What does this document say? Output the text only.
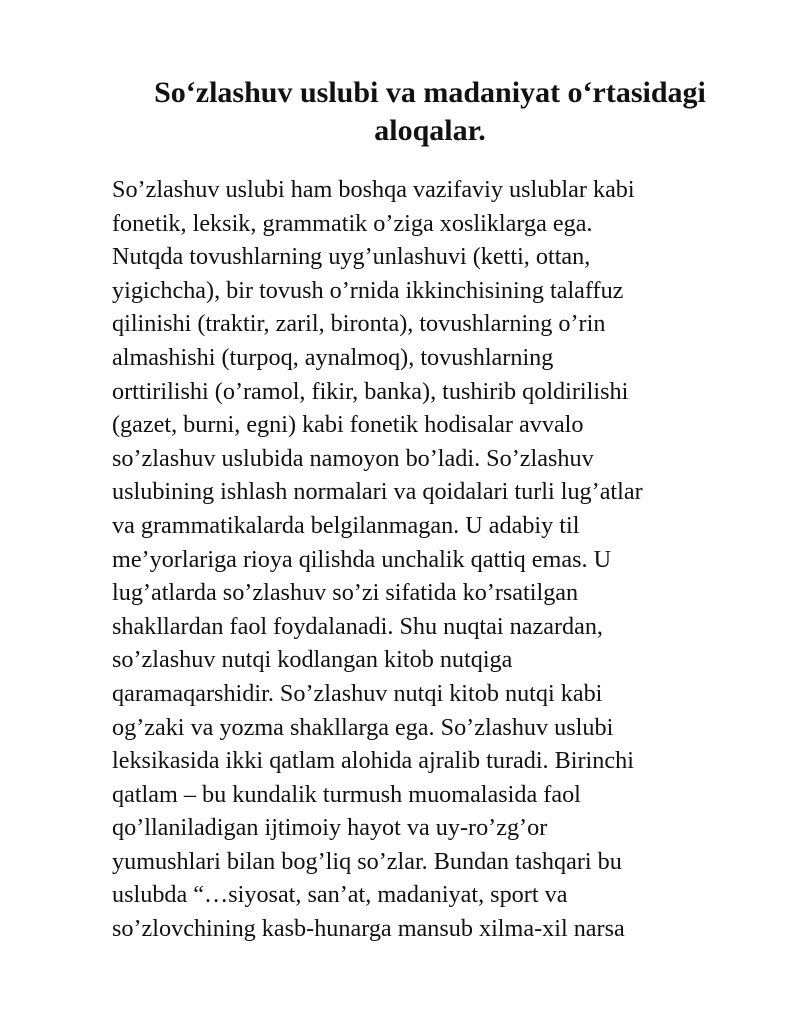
So‘zlashuv uslubi va madaniyat o‘rtasidagi
aloqalar.
So’zlashuv uslubi ham boshqa vazifaviy uslublar kabi
fonetik, leksik, grammatik o’ziga xosliklarga ega.
Nutqda tovushlarning uyg’unlashuvi (ketti, ottan,
yigichcha), bir tovush o’rnida ikkinchisining talaffuz
qilinishi (traktir, zaril, bironta), tovushlarning o’rin
almashishi (turpoq, aynalmoq), tovushlarning
orttirilishi (o’ramol, fikir, banka), tushirib qoldirilishi
(gazet, burni, egni) kabi fonetik hodisalar avvalo
so’zlashuv uslubida namoyon bo’ladi. So’zlashuv
uslubining ishlash normalari va qoidalari turli lug’atlar
va grammatikalarda belgilanmagan. U adabiy til
me’yorlariga rioya qilishda unchalik qattiq emas. U
lug’atlarda so’zlashuv so’zi sifatida ko’rsatilgan
shakllardan faol foydalanadi. Shu nuqtai nazardan,
so’zlashuv nutqi kodlangan kitob nutqiga
qaramaqarshidir. So’zlashuv nutqi kitob nutqi kabi
og’zaki va yozma shakllarga ega. So’zlashuv uslubi
leksikasida ikki qatlam alohida ajralib turadi. Birinchi
qatlam – bu kundalik turmush muomalasida faol
qo’llaniladigan ijtimoiy hayot va uy-ro’zg’or
yumushlari bilan bog’liq so’zlar. Bundan tashqari bu
uslubda “…siyosat, san’at, madaniyat, sport va
so’zlovchining kasb-hunarga mansub xilma-xil narsa
